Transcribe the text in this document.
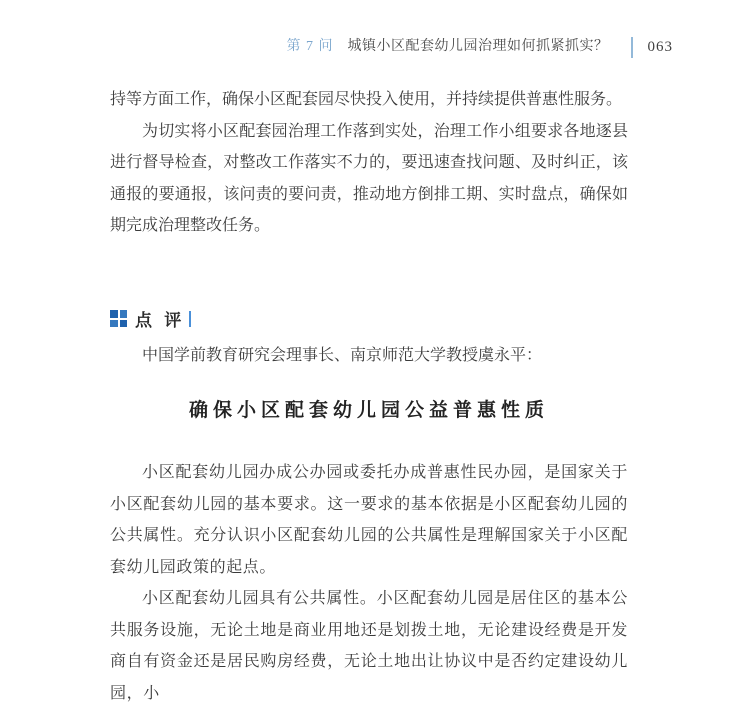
第 7 问 城镇小区配套幼儿园治理如何抓紧抓实？	063

持等方面工作，确保小区配套园尽快投入使用，并持续提供普惠性服务。

为切实将小区配套园治理工作落到实处，治理工作小组要求各地逐县进行督导检查，对整改工作落实不力的，要迅速查找问题、及时纠正，该通报的要通报，该问责的要问责，推动地方倒排工期、实时盘点，确保如期完成治理整改任务。

点 评

中国学前教育研究会理事长、南京师范大学教授虞永平：

确保小区配套幼儿园公益普惠性质

小区配套幼儿园办成公办园或委托办成普惠性民办园，是国家关于小区配套幼儿园的基本要求。这一要求的基本依据是小区配套幼儿园的公共属性。充分认识小区配套幼儿园的公共属性是理解国家关于小区配套幼儿园政策的起点。

小区配套幼儿园具有公共属性。小区配套幼儿园是居住区的基本公共服务设施，无论土地是商业用地还是划拨土地，无论建设经费是开发商自有资金还是居民购房经费，无论土地出让协议中是否约定建设幼儿园，小
